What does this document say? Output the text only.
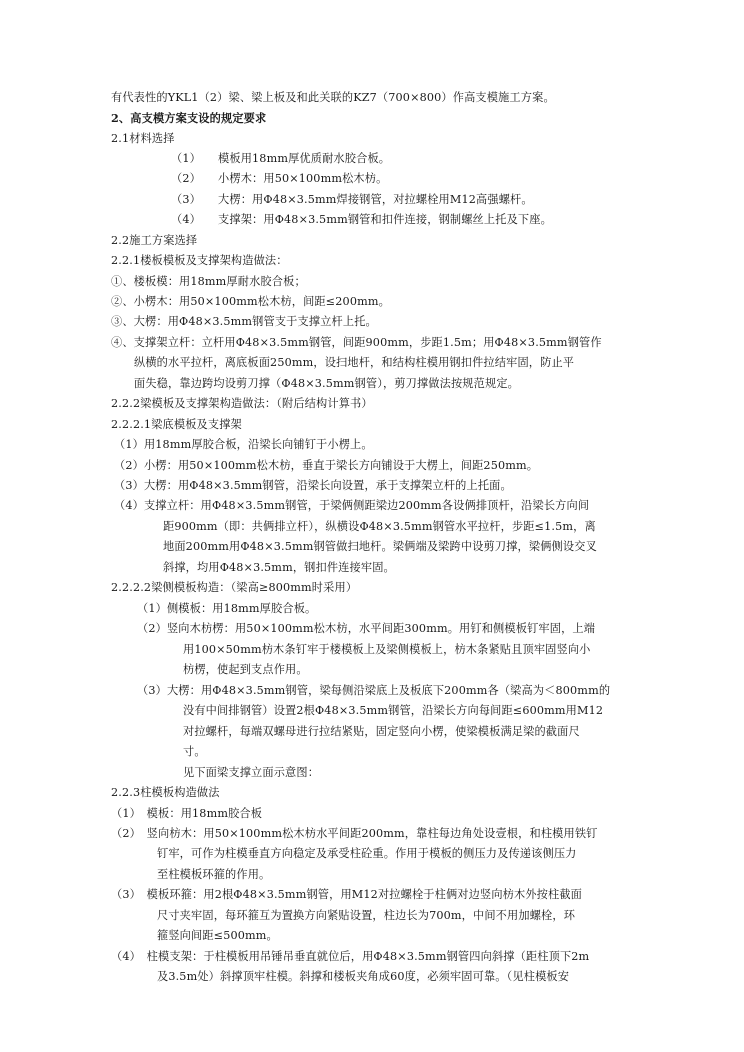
有代表性的YKL1（2）梁、梁上板及和此关联的KZ7（700×800）作高支模施工方案。
2、高支模方案支设的规定要求
2.1材料选择
（1）　　模板用18mm厚优质耐水胶合板。
（2）　　小楞木：用50×100mm松木枋。
（3）　　大楞：用Φ48×3.5mm焊接钢管，对拉螺栓用M12高强螺杆。
（4）　　支撑架：用Φ48×3.5mm钢管和扣件连接，钢制螺丝上托及下座。
2.2施工方案选择
2.2.1楼板模板及支撑架构造做法：
①、楼板模：用18mm厚耐水胶合板；
②、小楞木：用50×100mm松木枋，间距≤200mm。
③、大楞：用Φ48×3.5mm钢管支于支撑立杆上托。
④、支撑架立杆：立杆用Φ48×3.5mm钢管，间距900mm，步距1.5m；用Φ48×3.5mm钢管作
纵横的水平拉杆，离底板面250mm，设扫地杆，和结构柱模用钢扣件拉结牢固，防止平
面失稳，靠边跨均设剪刀撑（Φ48×3.5mm钢管），剪刀撑做法按规范规定。
2.2.2梁模板及支撑架构造做法：（附后结构计算书）
2.2.2.1梁底模板及支撑架
（1）用18mm厚胶合板，沿梁长向铺钉于小楞上。
（2）小楞：用50×100mm松木枋，垂直于梁长方向铺设于大楞上，间距250mm。
（3）大楞：用Φ48×3.5mm钢管，沿梁长向设置，承于支撑架立杆的上托面。
（4）支撑立杆：用Φ48×3.5mm钢管，于梁俩侧距梁边200mm各设俩排顶杆，沿梁长方向间
距900mm（即：共俩排立杆），纵横设Φ48×3.5mm钢管水平拉杆，步距≤1.5m，离
地面200mm用Φ48×3.5mm钢管做扫地杆。梁俩端及梁跨中设剪刀撑，梁俩侧设交叉
斜撑，均用Φ48×3.5mm，钢扣件连接牢固。
2.2.2.2梁侧模板构造：（梁高≥800mm时采用）
（1）侧模板：用18mm厚胶合板。
（2）竖向木枋楞：用50×100mm松木枋，水平间距300mm。用钉和侧模板钉牢固，上端
用100×50mm枋木条钉牢于楼模板上及梁侧模板上，枋木条紧贴且顶牢固竖向小
枋楞，使起到支点作用。
（3）大楞：用Φ48×3.5mm钢管，梁每侧沿梁底上及板底下200mm各（梁高为＜800mm的
没有中间排钢管）设置2根Φ48×3.5mm钢管，沿梁长方向每间距≤600mm用M12
对拉螺杆，每端双螺母进行拉结紧贴，固定竖向小楞，使梁模板满足梁的截面尺
寸。
见下面梁支撑立面示意图：
2.2.3柱模板构造做法
（1）　模板：用18mm胶合板
（2）　竖向枋木：用50×100mm松木枋水平间距200mm，靠柱每边角处设壹根，和柱模用铁钉
钉牢，可作为柱模垂直方向稳定及承受柱砼重。作用于模板的侧压力及传递该侧压力
至柱模板环箍的作用。
（3）　模板环箍：用2根Φ48×3.5mm钢管，用M12对拉螺栓于柱俩对边竖向枋木外按柱截面
尺寸夹牢固，每环箍互为置换方向紧贴设置，柱边长为700m，中间不用加螺栓，环
箍竖向间距≤500mm。
（4）　柱模支架：于柱模板用吊锤吊垂直就位后，用Φ48×3.5mm钢管四向斜撑（距柱顶下2m
及3.5m处）斜撑顶牢柱模。斜撑和楼板夹角成60度，必须牢固可靠。（见柱模板安
